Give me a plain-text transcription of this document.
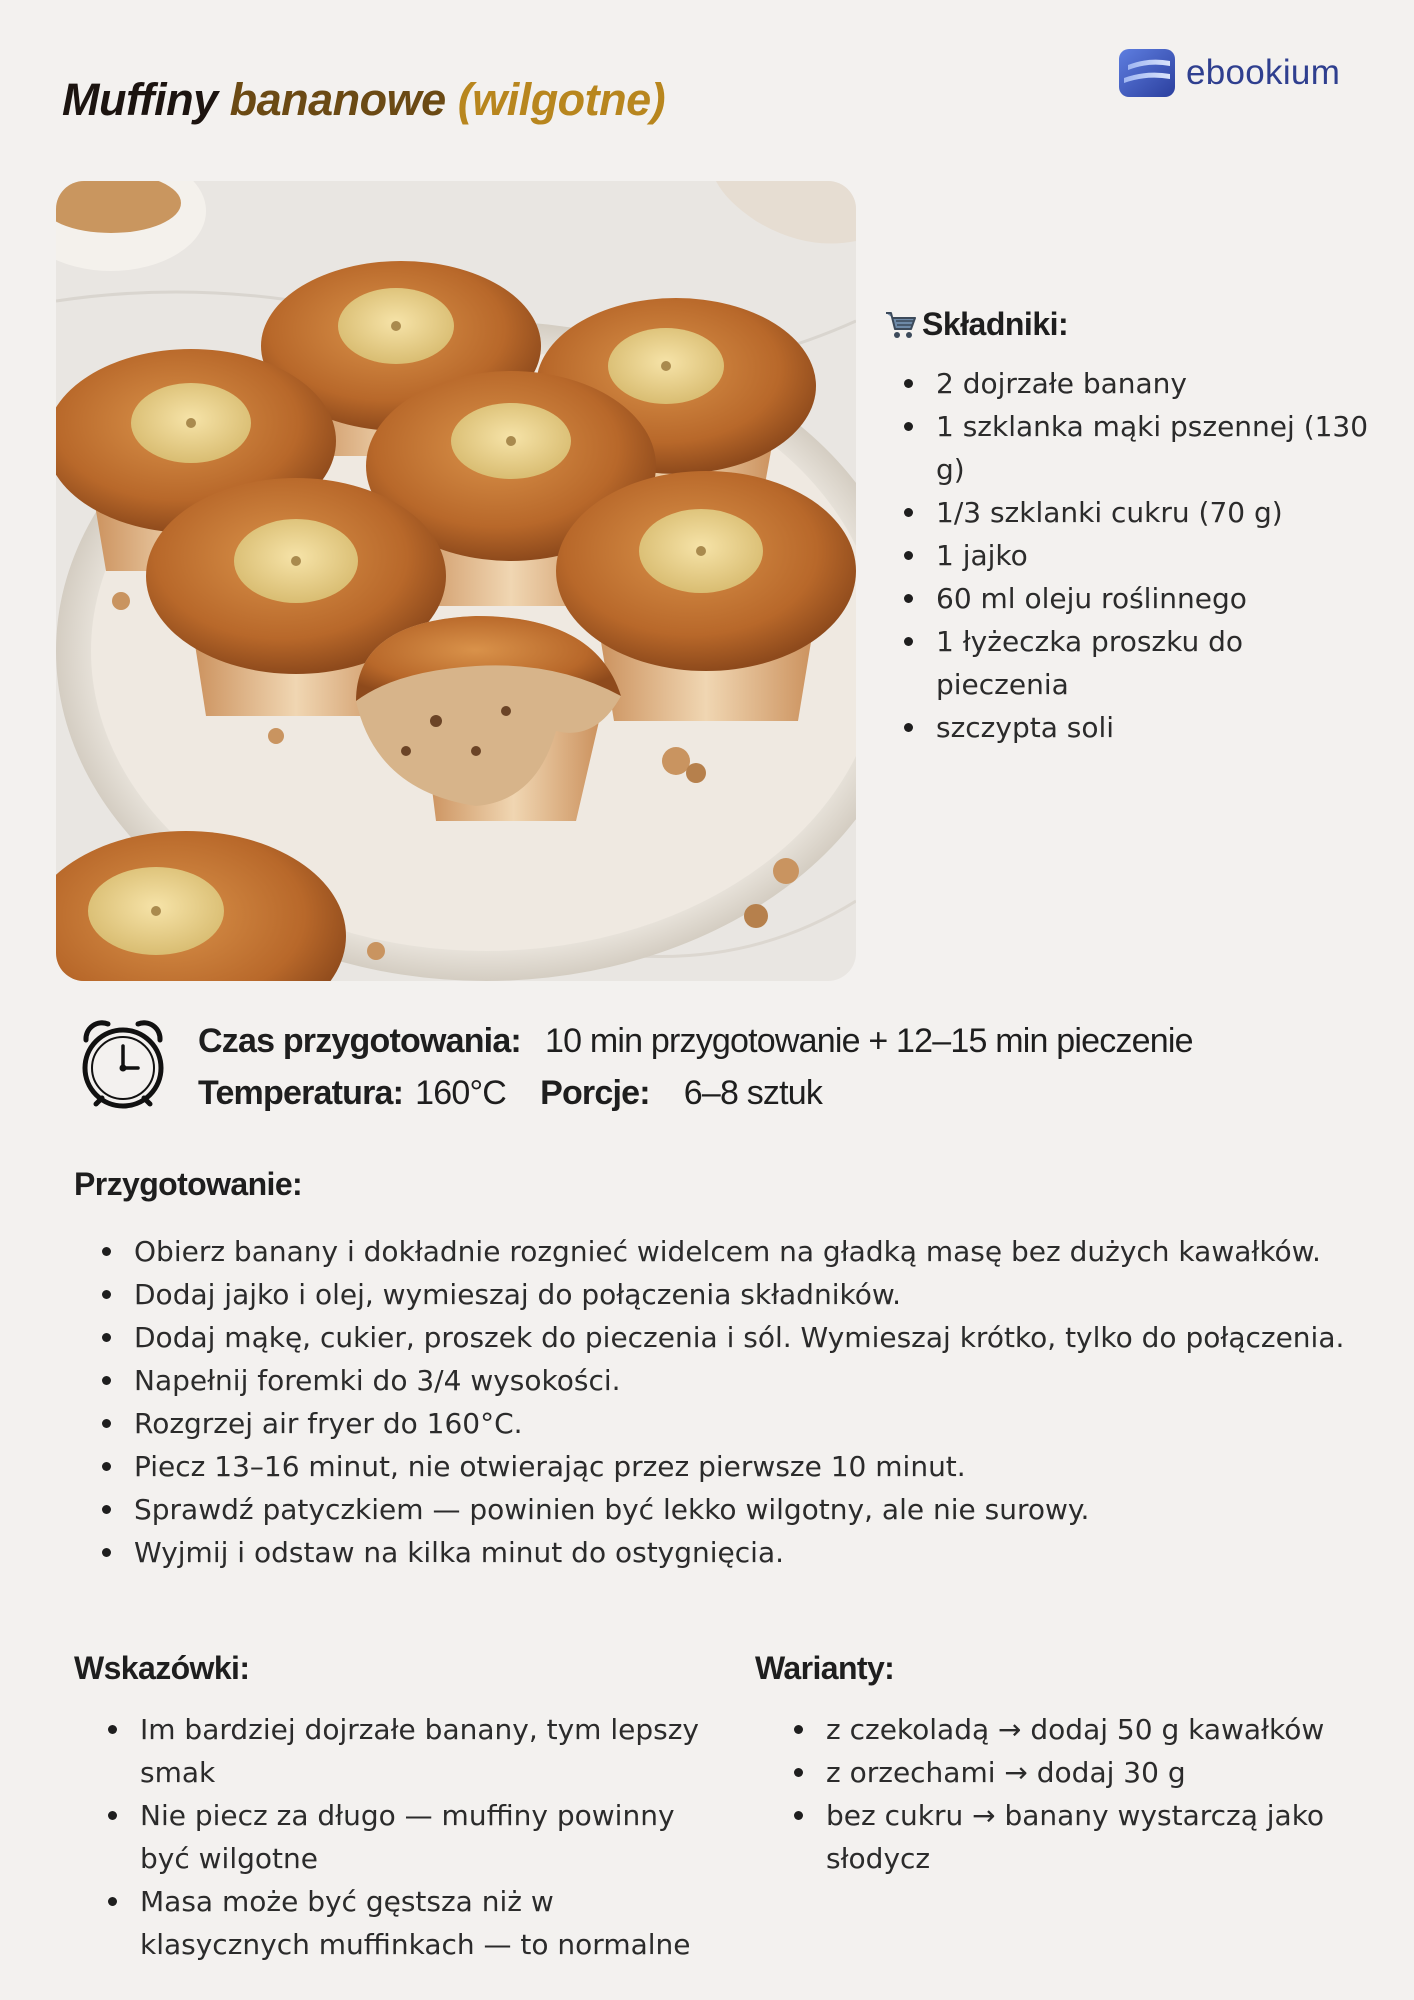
Muffiny bananowe (wilgotne)
ebookium
Składniki:
2 dojrzałe banany
1 szklanka mąki pszennej (130 g)
1/3 szklanki cukru (70 g)
1 jajko
60 ml oleju roślinnego
1 łyżeczka proszku do pieczenia
szczypta soli
Czas przygotowania: 10 min przygotowanie + 12–15 min pieczenie
Temperatura: 160°C Porcje: 6–8 sztuk
Przygotowanie:
Obierz banany i dokładnie rozgnieć widelcem na gładką masę bez dużych kawałków.
Dodaj jajko i olej, wymieszaj do połączenia składników.
Dodaj mąkę, cukier, proszek do pieczenia i sól. Wymieszaj krótko, tylko do połączenia.
Napełnij foremki do 3/4 wysokości.
Rozgrzej air fryer do 160°C.
Piecz 13–16 minut, nie otwierając przez pierwsze 10 minut.
Sprawdź patyczkiem — powinien być lekko wilgotny, ale nie surowy.
Wyjmij i odstaw na kilka minut do ostygnięcia.
Wskazówki:
Im bardziej dojrzałe banany, tym lepszy smak
Nie piecz za długo — muffiny powinny być wilgotne
Masa może być gęstsza niż w klasycznych muffinkach — to normalne
Warianty:
z czekoladą → dodaj 50 g kawałków
z orzechami → dodaj 30 g
bez cukru → banany wystarczą jako słodycz
